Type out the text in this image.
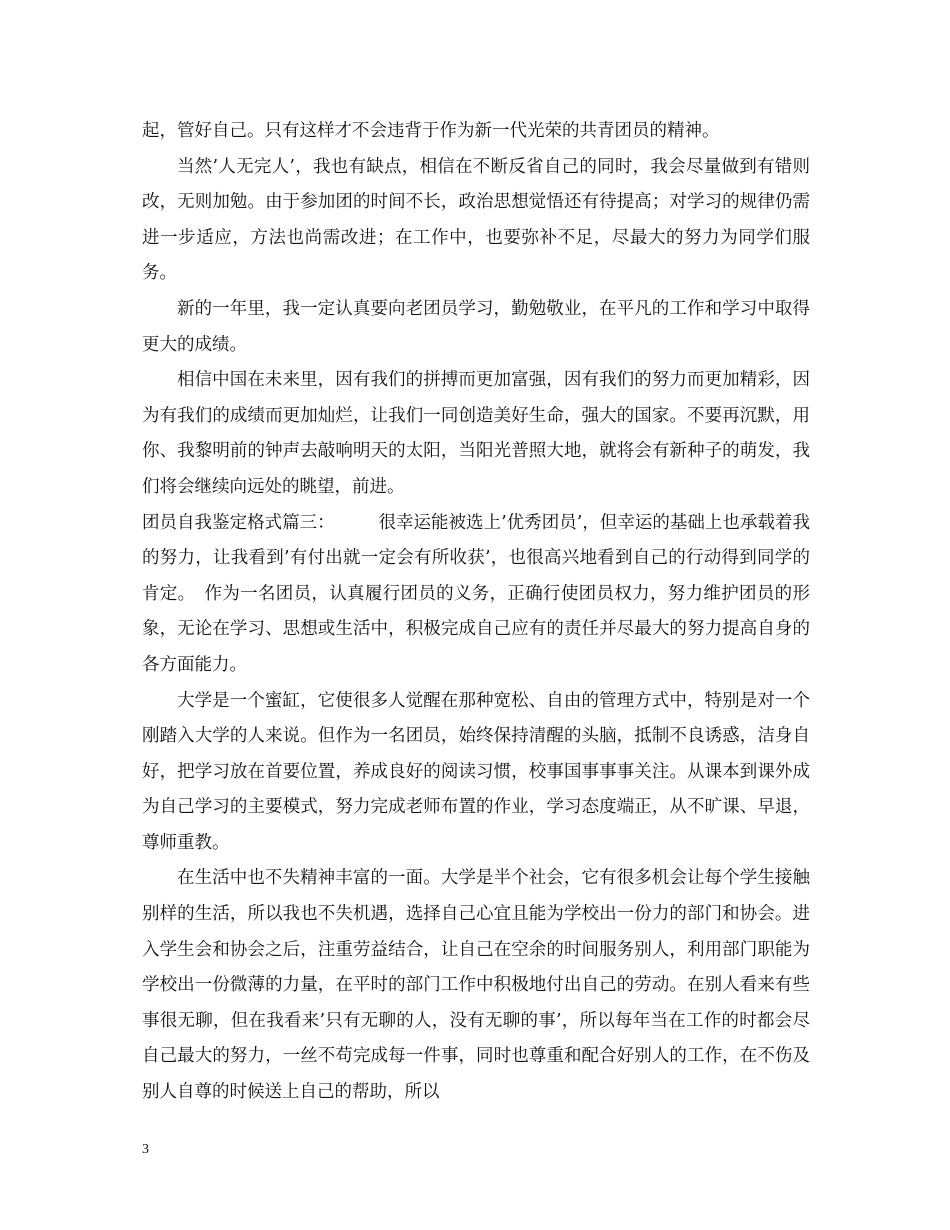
起，管好自己。只有这样才不会违背于作为新一代光荣的共青团员的精神。

当然’人无完人’，我也有缺点，相信在不断反省自己的同时，我会尽量做到有错则改，无则加勉。由于参加团的时间不长，政治思想觉悟还有待提高；对学习的规律仍需进一步适应，方法也尚需改进；在工作中，也要弥补不足，尽最大的努力为同学们服务。

新的一年里，我一定认真要向老团员学习，勤勉敬业，在平凡的工作和学习中取得更大的成绩。

相信中国在未来里，因有我们的拼搏而更加富强，因有我们的努力而更加精彩，因为有我们的成绩而更加灿烂，让我们一同创造美好生命，强大的国家。不要再沉默，用你、我黎明前的钟声去敲响明天的太阳，当阳光普照大地，就将会有新种子的萌发，我们将会继续向远处的眺望，前进。

团员自我鉴定格式篇三：　　　很幸运能被选上’优秀团员’，但幸运的基础上也承载着我的努力，让我看到’有付出就一定会有所收获’，也很高兴地看到自己的行动得到同学的肯定。　作为一名团员，认真履行团员的义务，正确行使团员权力，努力维护团员的形象，无论在学习、思想或生活中，积极完成自己应有的责任并尽最大的努力提高自身的各方面能力。

大学是一个蜜缸，它使很多人觉醒在那种宽松、自由的管理方式中，特别是对一个刚踏入大学的人来说。但作为一名团员，始终保持清醒的头脑，抵制不良诱惑，洁身自好，把学习放在首要位置，养成良好的阅读习惯，校事国事事事关注。从课本到课外成为自己学习的主要模式，努力完成老师布置的作业，学习态度端正，从不旷课、早退，尊师重教。

在生活中也不失精神丰富的一面。大学是半个社会，它有很多机会让每个学生接触别样的生活，所以我也不失机遇，选择自己心宜且能为学校出一份力的部门和协会。进入学生会和协会之后，注重劳益结合，让自己在空余的时间服务别人，利用部门职能为学校出一份微薄的力量，在平时的部门工作中积极地付出自己的劳动。在别人看来有些事很无聊，但在我看来’只有无聊的人，没有无聊的事’，所以每年当在工作的时都会尽自己最大的努力，一丝不苟完成每一件事，同时也尊重和配合好别人的工作，在不伤及别人自尊的时候送上自己的帮助，所以

3
